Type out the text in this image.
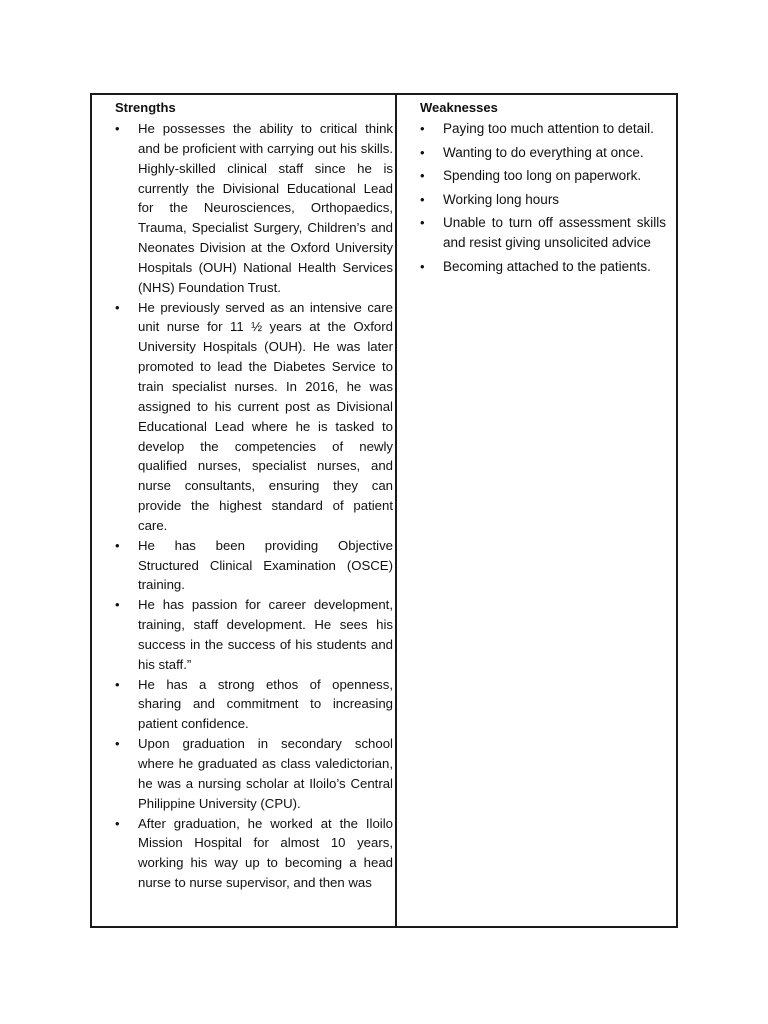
Strengths
• He possesses the ability to critical think and be proficient with carrying out his skills. Highly-skilled clinical staff since he is currently the Divisional Educational Lead for the Neurosciences, Orthopaedics, Trauma, Specialist Surgery, Children’s and Neonates Division at the Oxford University Hospitals (OUH) National Health Services (NHS) Foundation Trust.
• He previously served as an intensive care unit nurse for 11 ½ years at the Oxford University Hospitals (OUH). He was later promoted to lead the Diabetes Service to train specialist nurses. In 2016, he was assigned to his current post as Divisional Educational Lead where he is tasked to develop the competencies of newly qualified nurses, specialist nurses, and nurse consultants, ensuring they can provide the highest standard of patient care.
• He has been providing Objective Structured Clinical Examination (OSCE) training.
• He has passion for career development, training, staff development. He sees his success in the success of his students and his staff.”
• He has a strong ethos of openness, sharing and commitment to increasing patient confidence.
• Upon graduation in secondary school where he graduated as class valedictorian, he was a nursing scholar at Iloilo’s Central Philippine University (CPU).
• After graduation, he worked at the Iloilo Mission Hospital for almost 10 years, working his way up to becoming a head nurse to nurse supervisor, and then was
Weaknesses
• Paying too much attention to detail.
• Wanting to do everything at once.
• Spending too long on paperwork.
• Working long hours
• Unable to turn off assessment skills and resist giving unsolicited advice
• Becoming attached to the patients.
